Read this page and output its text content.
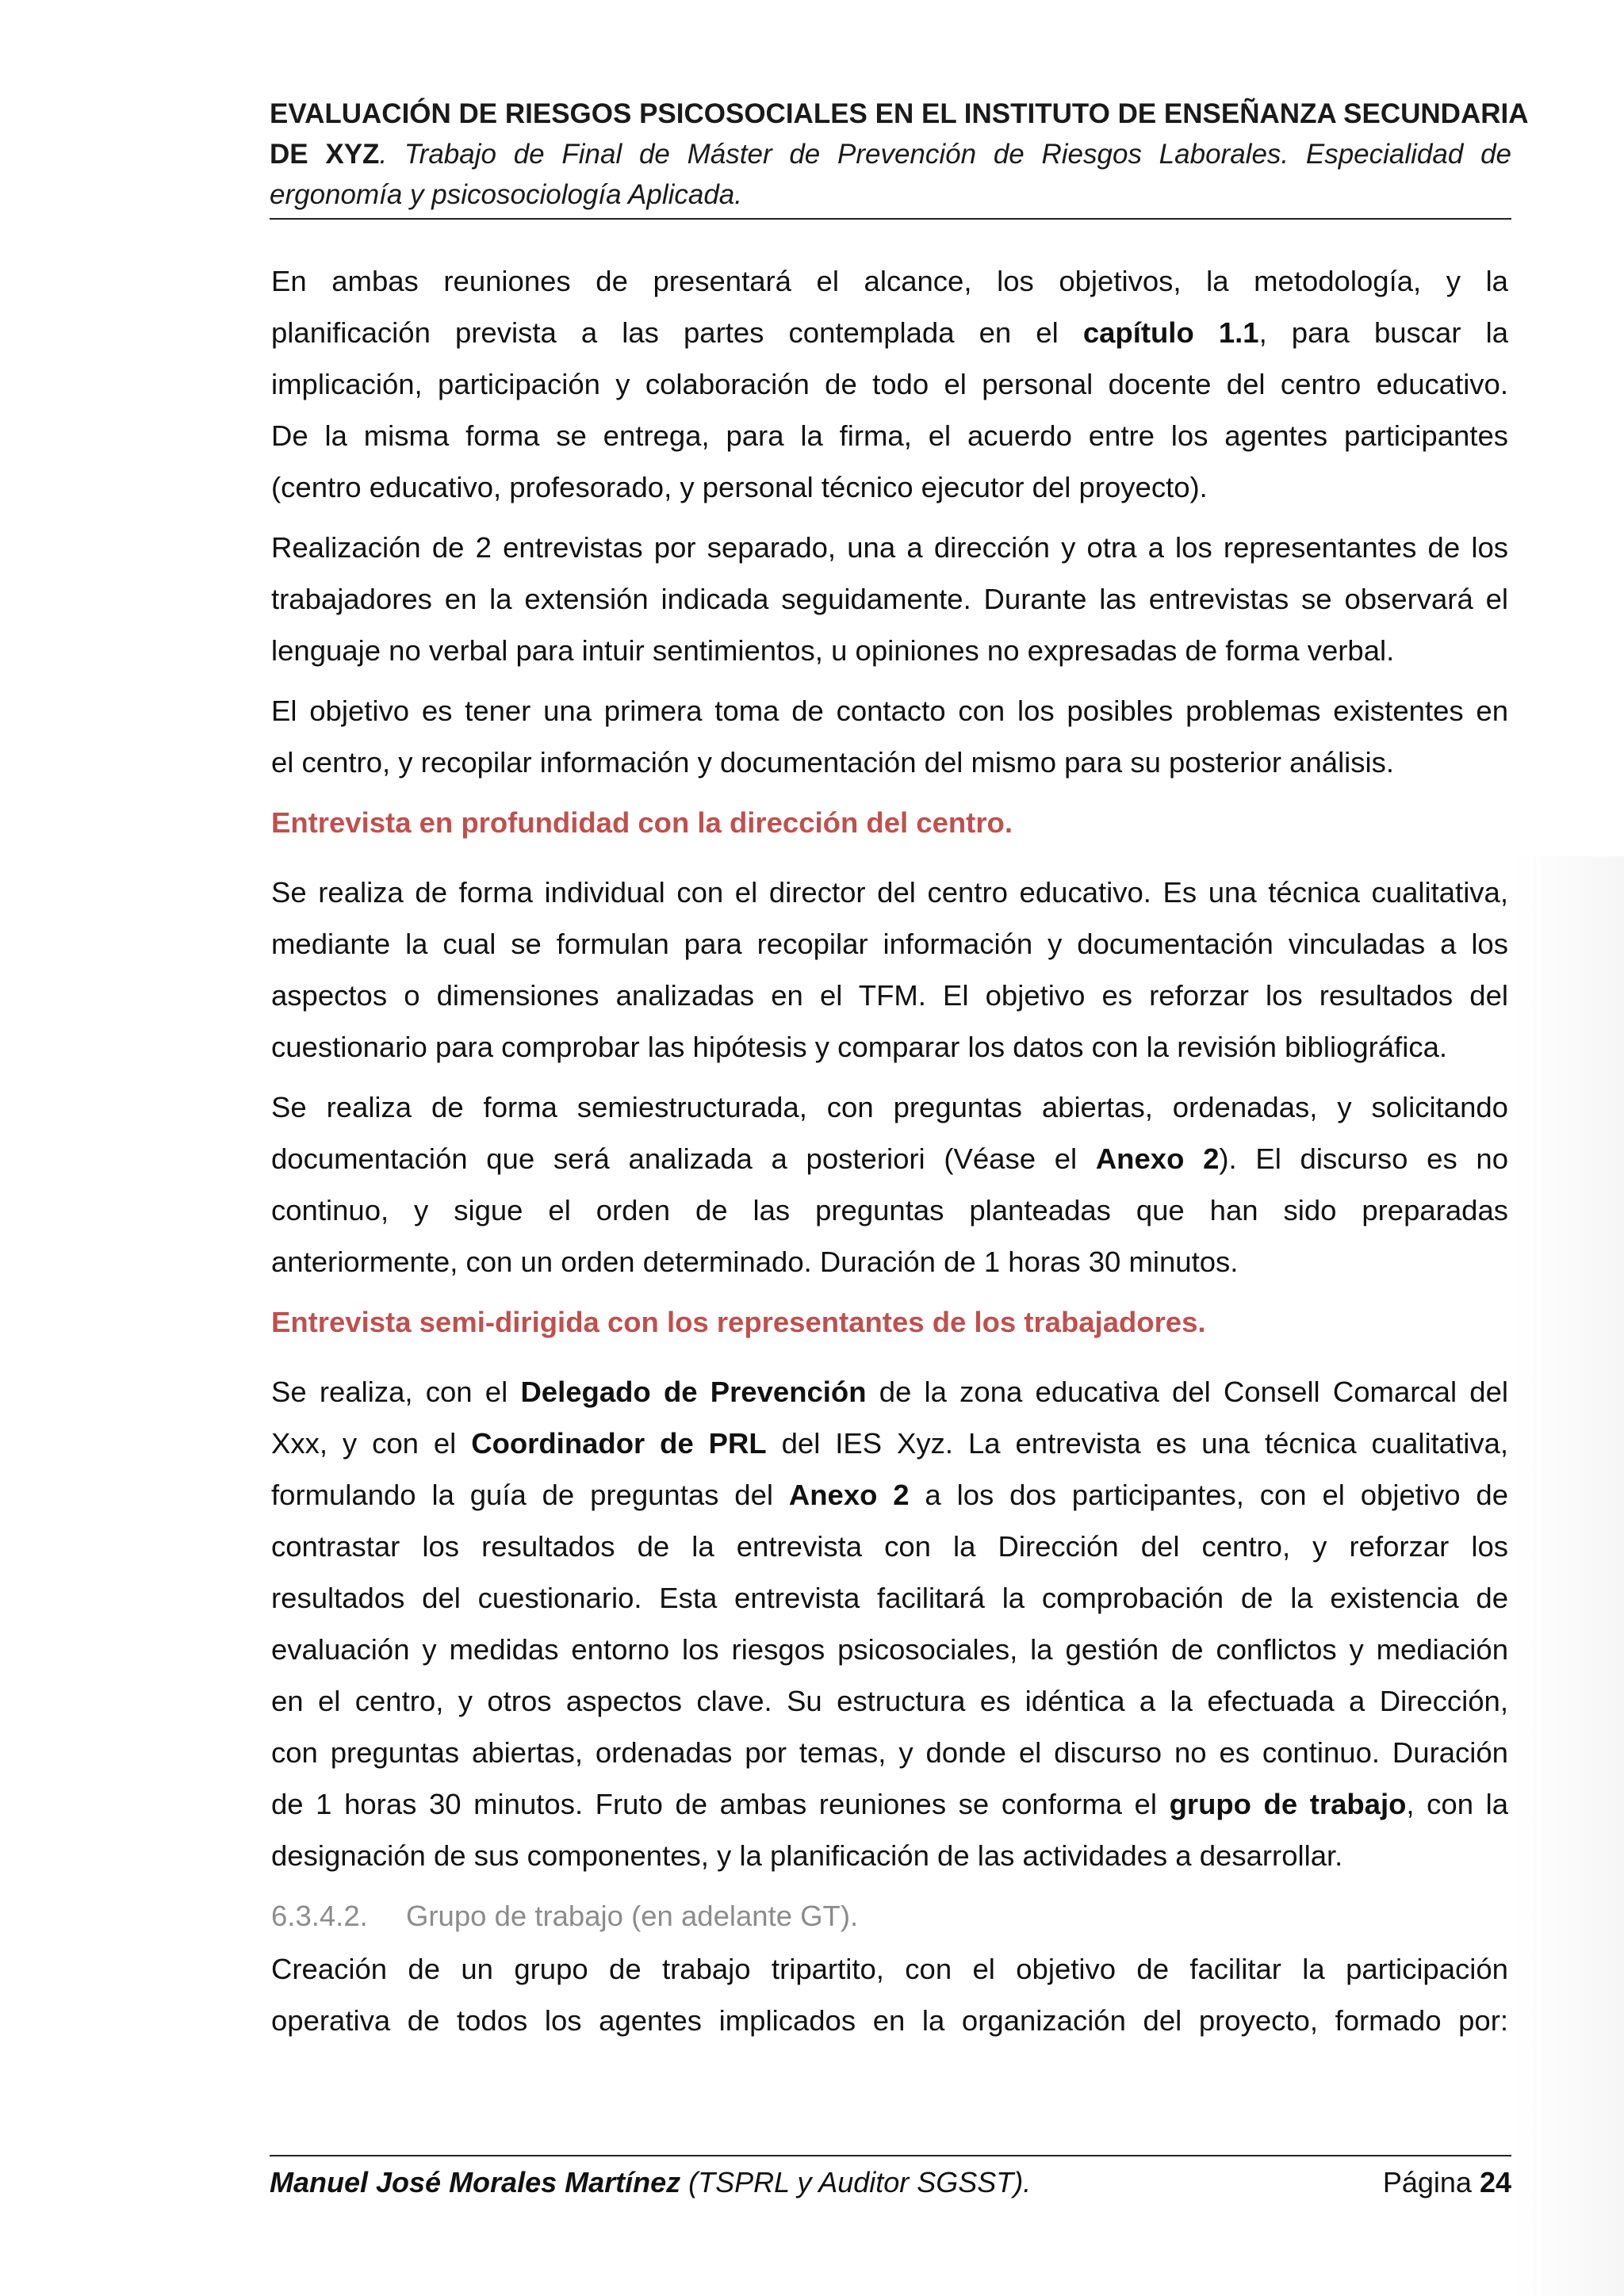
EVALUACIÓN DE RIESGOS PSICOSOCIALES EN EL INSTITUTO DE ENSEÑANZA SECUNDARIA
DE XYZ. Trabajo de Final de Máster de Prevención de Riesgos Laborales. Especialidad de
ergonomía y psicosociología Aplicada.

En ambas reuniones de presentará el alcance, los objetivos, la metodología, y la
planificación prevista a las partes contemplada en el capítulo 1.1, para buscar la
implicación, participación y colaboración de todo el personal docente del centro educativo.
De la misma forma se entrega, para la firma, el acuerdo entre los agentes participantes
(centro educativo, profesorado, y personal técnico ejecutor del proyecto).

Realización de 2 entrevistas por separado, una a dirección y otra a los representantes de los
trabajadores en la extensión indicada seguidamente. Durante las entrevistas se observará el
lenguaje no verbal para intuir sentimientos, u opiniones no expresadas de forma verbal.

El objetivo es tener una primera toma de contacto con los posibles problemas existentes en
el centro, y recopilar información y documentación del mismo para su posterior análisis.

Entrevista en profundidad con la dirección del centro.

Se realiza de forma individual con el director del centro educativo. Es una técnica cualitativa,
mediante la cual se formulan para recopilar información y documentación vinculadas a los
aspectos o dimensiones analizadas en el TFM. El objetivo es reforzar los resultados del
cuestionario para comprobar las hipótesis y comparar los datos con la revisión bibliográfica.

Se realiza de forma semiestructurada, con preguntas abiertas, ordenadas, y solicitando
documentación que será analizada a posteriori (Véase el Anexo 2). El discurso es no
continuo, y sigue el orden de las preguntas planteadas que han sido preparadas
anteriormente, con un orden determinado. Duración de 1 horas 30 minutos.

Entrevista semi-dirigida con los representantes de los trabajadores.

Se realiza, con el Delegado de Prevención de la zona educativa del Consell Comarcal del
Xxx, y con el Coordinador de PRL del IES Xyz. La entrevista es una técnica cualitativa,
formulando la guía de preguntas del Anexo 2 a los dos participantes, con el objetivo de
contrastar los resultados de la entrevista con la Dirección del centro, y reforzar los
resultados del cuestionario. Esta entrevista facilitará la comprobación de la existencia de
evaluación y medidas entorno los riesgos psicosociales, la gestión de conflictos y mediación
en el centro, y otros aspectos clave. Su estructura es idéntica a la efectuada a Dirección,
con preguntas abiertas, ordenadas por temas, y donde el discurso no es continuo. Duración
de 1 horas 30 minutos. Fruto de ambas reuniones se conforma el grupo de trabajo, con la
designación de sus componentes, y la planificación de las actividades a desarrollar.

6.3.4.2. Grupo de trabajo (en adelante GT).

Creación de un grupo de trabajo tripartito, con el objetivo de facilitar la participación
operativa de todos los agentes implicados en la organización del proyecto, formado por:

Manuel José Morales Martínez (TSPRL y Auditor SGSST).	Página 24
